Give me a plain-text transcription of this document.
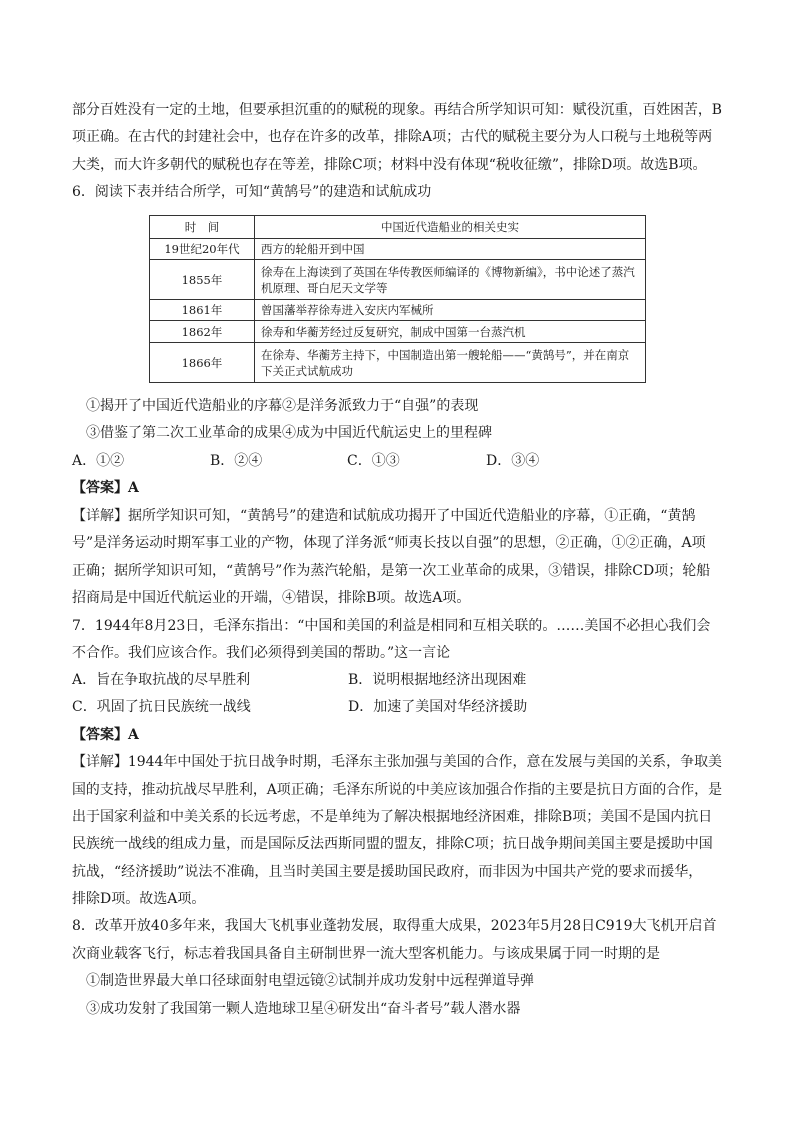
部分百姓没有一定的土地，但要承担沉重的的赋税的现象。再结合所学知识可知：赋役沉重，百姓困苦，B
项正确。在古代的封建社会中，也存在许多的改革，排除A项；古代的赋税主要分为人口税与土地税等两
大类，而大许多朝代的赋税也存在等差，排除C项；材料中没有体现“税收征缴”，排除D项。故选B项。
6．阅读下表并结合所学，可知“黄鹄号”的建造和试航成功
时　间	中国近代造船业的相关史实
19世纪20年代	西方的轮船开到中国
1855年	徐寿在上海读到了英国在华传教医师编译的《博物新编》，书中论述了蒸汽机原理、哥白尼天文学等
1861年	曾国藩举荐徐寿进入安庆内军械所
1862年	徐寿和华蘅芳经过反复研究，制成中国第一台蒸汽机
1866年	在徐寿、华蘅芳主持下，中国制造出第一艘轮船——“黄鹄号”，并在南京下关正式试航成功
①揭开了中国近代造船业的序幕②是洋务派致力于“自强”的表现
③借鉴了第二次工业革命的成果④成为中国近代航运史上的里程碑
A．①②	B．②④	C．①③	D．③④
【答案】A
【详解】据所学知识可知，“黄鹄号”的建造和试航成功揭开了中国近代造船业的序幕，①正确，“黄鹄
号”是洋务运动时期军事工业的产物，体现了洋务派“师夷长技以自强”的思想，②正确，①②正确，A项
正确；据所学知识可知，“黄鹄号”作为蒸汽轮船，是第一次工业革命的成果，③错误，排除CD项；轮船
招商局是中国近代航运业的开端，④错误，排除B项。故选A项。
7．1944年8月23日，毛泽东指出：“中国和美国的利益是相同和互相关联的。……美国不必担心我们会
不合作。我们应该合作。我们必须得到美国的帮助。”这一言论
A．旨在争取抗战的尽早胜利	B．说明根据地经济出现困难
C．巩固了抗日民族统一战线	D．加速了美国对华经济援助
【答案】A
【详解】1944年中国处于抗日战争时期，毛泽东主张加强与美国的合作，意在发展与美国的关系，争取美
国的支持，推动抗战尽早胜利，A项正确；毛泽东所说的中美应该加强合作指的主要是抗日方面的合作，是
出于国家利益和中美关系的长远考虑，不是单纯为了解决根据地经济困难，排除B项；美国不是国内抗日
民族统一战线的组成力量，而是国际反法西斯同盟的盟友，排除C项；抗日战争期间美国主要是援助中国
抗战，“经济援助”说法不准确，且当时美国主要是援助国民政府，而非因为中国共产党的要求而援华，
排除D项。故选A项。
8．改革开放40多年来，我国大飞机事业蓬勃发展，取得重大成果，2023年5月28日C919大飞机开启首
次商业载客飞行，标志着我国具备自主研制世界一流大型客机能力。与该成果属于同一时期的是
①制造世界最大单口径球面射电望远镜②试制并成功发射中远程弹道导弹
③成功发射了我国第一颗人造地球卫星④研发出“奋斗者号”载人潜水器
